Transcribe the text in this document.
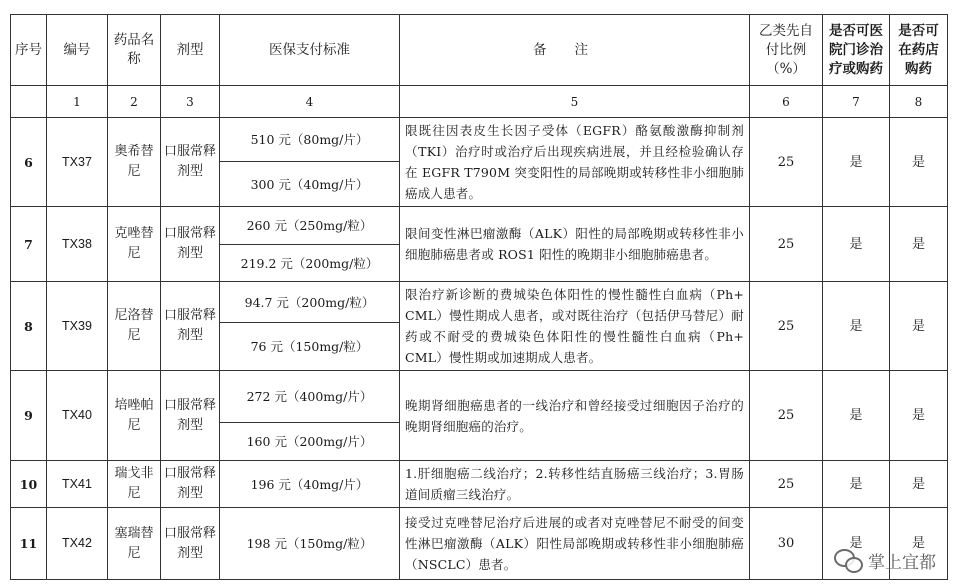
序号	编号	药品名称	剂型	医保支付标准	备注	乙类先自付比例（%）	是否可医院门诊治疗或购药	是否可在药店购药
	1	2	3	4	5	6	7	8
6	TX37	奥希替尼	口服常释剂型	510 元（80mg/片）	限既往因表皮生长因子受体（EGFR）酪氨酸激酶抑制剂（TKI）治疗时或治疗后出现疾病进展，并且经检验确认存在 EGFR T790M 突变阳性的局部晚期或转移性非小细胞肺癌成人患者。	25	是	是
				300 元（40mg/片）				
7	TX38	克唑替尼	口服常释剂型	260 元（250mg/粒）	限间变性淋巴瘤激酶（ALK）阳性的局部晚期或转移性非小细胞肺癌患者或 ROS1 阳性的晚期非小细胞肺癌患者。	25	是	是
				219.2 元（200mg/粒）				
8	TX39	尼洛替尼	口服常释剂型	94.7 元（200mg/粒）	限治疗新诊断的费城染色体阳性的慢性髓性白血病（Ph+ CML）慢性期成人患者，或对既往治疗（包括伊马替尼）耐药或不耐受的费城染色体阳性的慢性髓性白血病（Ph+ CML）慢性期或加速期成人患者。	25	是	是
				76 元（150mg/粒）				
9	TX40	培唑帕尼	口服常释剂型	272 元（400mg/片）	晚期肾细胞癌患者的一线治疗和曾经接受过细胞因子治疗的晚期肾细胞癌的治疗。	25	是	是
				160 元（200mg/片）				
10	TX41	瑞戈非尼	口服常释剂型	196 元（40mg/片）	1.肝细胞癌二线治疗；2.转移性结直肠癌三线治疗；3.胃肠道间质瘤三线治疗。	25	是	是
11	TX42	塞瑞替尼	口服常释剂型	198 元（150mg/粒）	接受过克唑替尼治疗后进展的或者对克唑替尼不耐受的间变性淋巴瘤激酶（ALK）阳性局部晚期或转移性非小细胞肺癌（NSCLC）患者。	30	是	是
掌上宜都
